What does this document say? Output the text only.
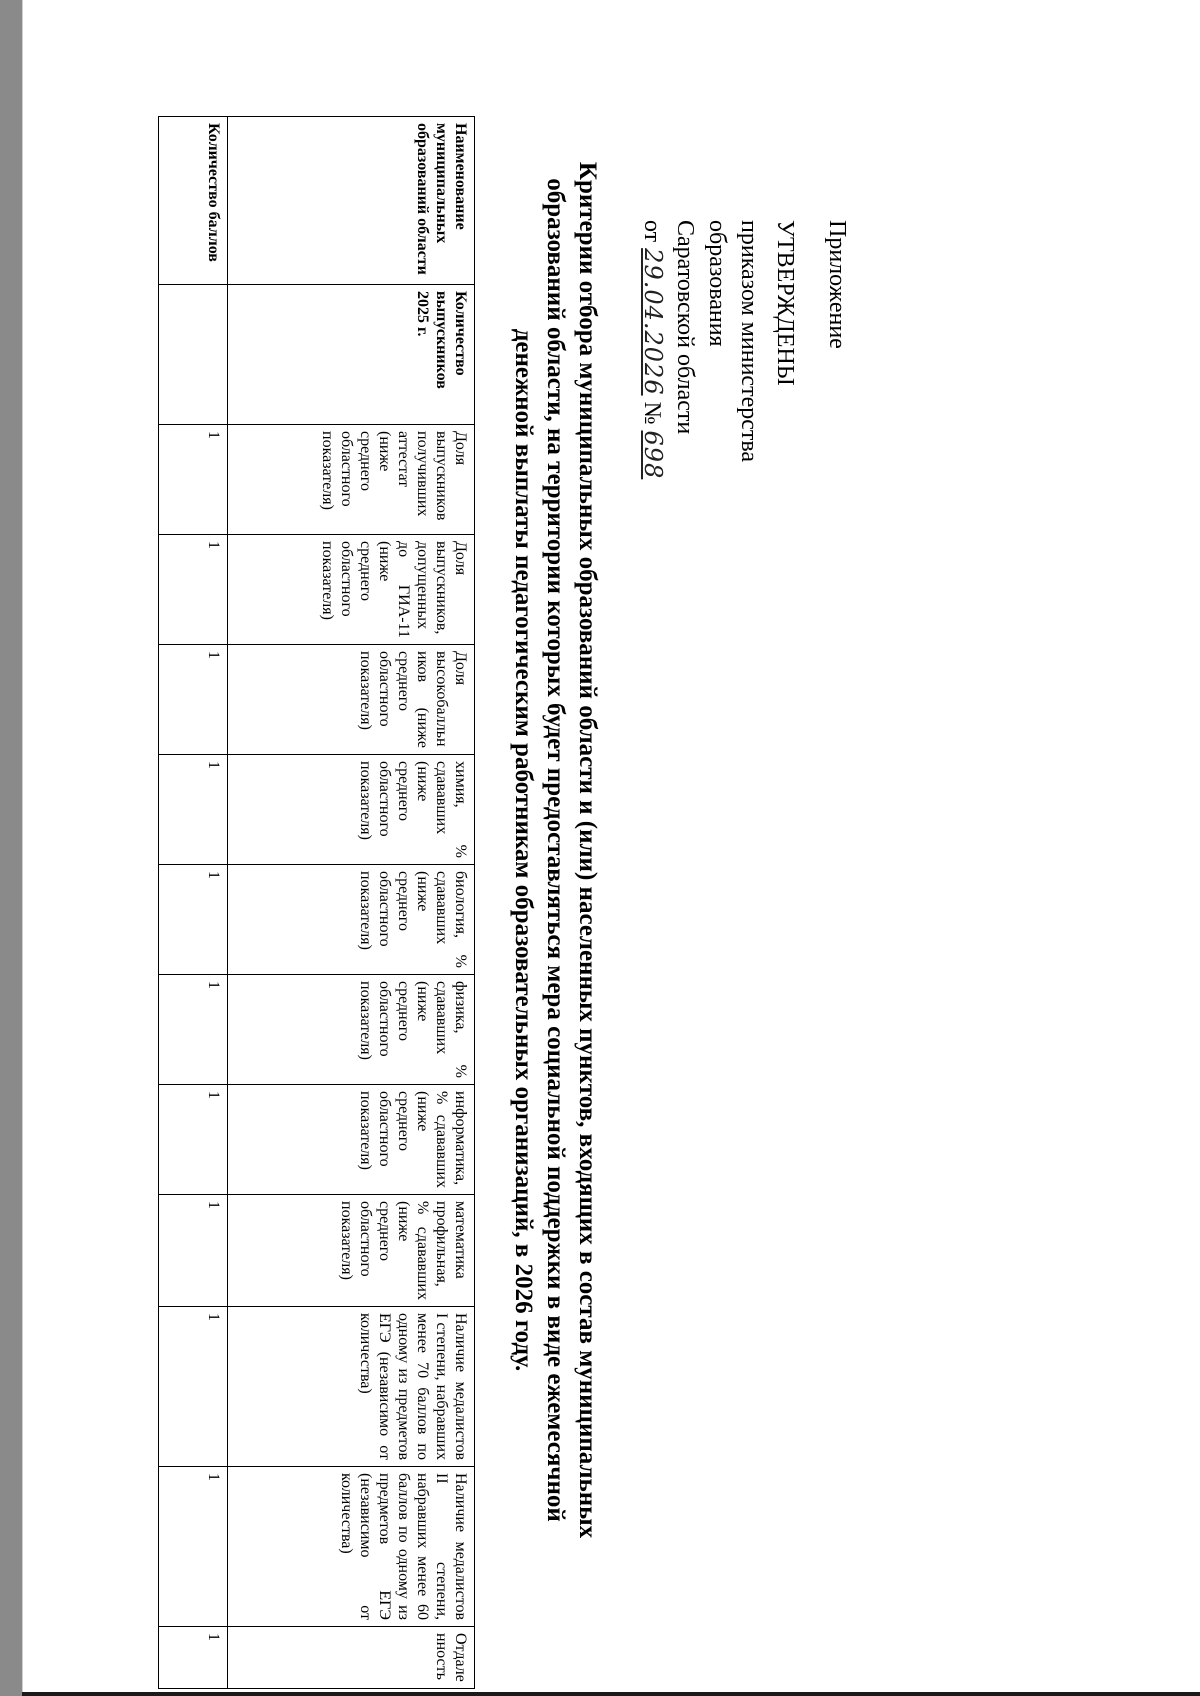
Приложение
УТВЕРЖДЕНЫ
приказом министерства
образования
Саратовской области
от 29.04.2026 № 698
Критерии отбора муниципальных образований области и (или) населенных пунктов, входящих в состав муниципальных образований области, на территории которых будет предоставляться мера социальной поддержки в виде ежемесячной денежной выплаты педагогическим работникам образовательных организаций, в 2026 году.
Наименование муниципальных образований области	Количество выпускников 2025 г.	Доля выпускников получивших аттестат (ниже среднего областного показателя)	Доля выпускников, допущенных до ГИА-11 (ниже среднего областного показателя)	Доля высокобалльников (ниже среднего областного показателя)	химия, % сдававших (ниже среднего областного показателя)	биология, % сдававших (ниже среднего областного показателя)	физика, % сдававших (ниже среднего областного показателя)	информатика, % сдававших (ниже среднего областного показателя)	математика профильная, % сдававших (ниже среднего областного показателя)	Наличие медалистов I степени, набравших менее 70 баллов по одному из предметов ЕГЭ (независимо от количества)	Наличие медалистов II степени, набравших менее 60 баллов по одному из предметов ЕГЭ (независимо от количества)	Отдаленность
Количество баллов		1	1	1	1	1	1	1	1	1	1	1
